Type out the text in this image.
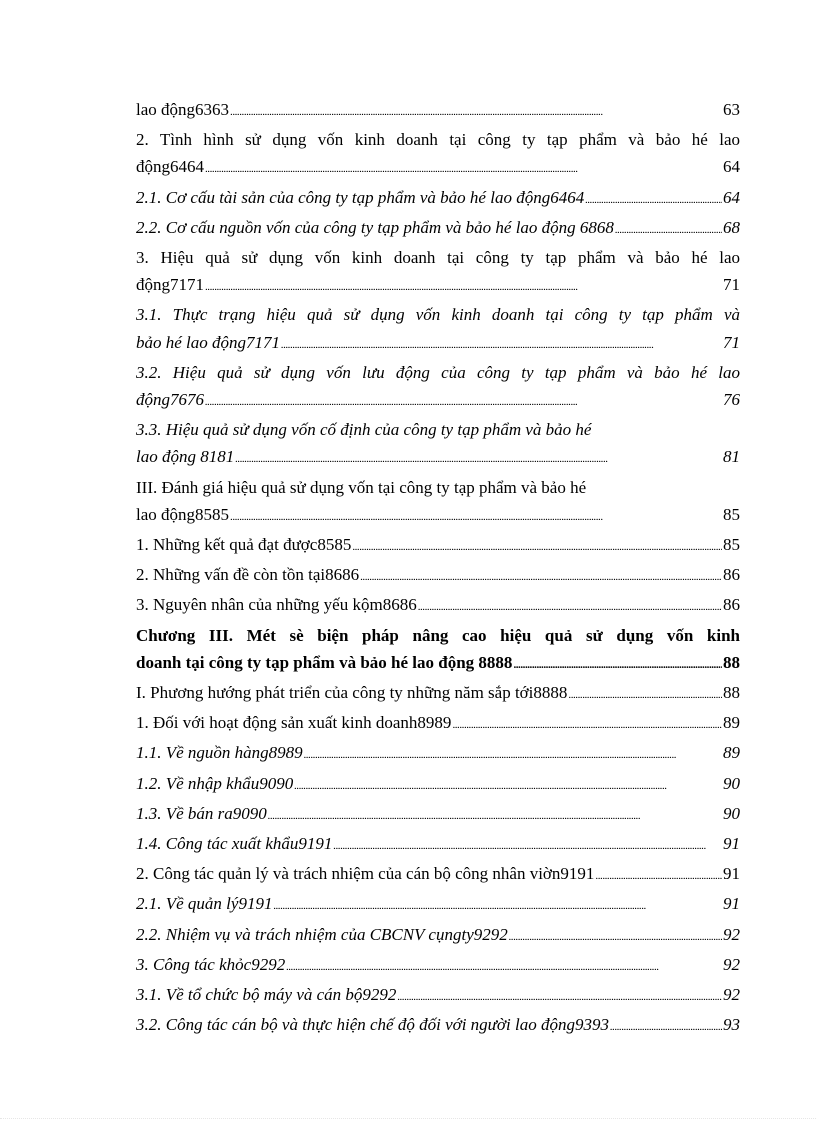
lao động6363 . . .	63
2. Tình hình sử dụng vốn kinh doanh tại công ty tạp phẩm và bảo hé lao
động6464 . . .	64
2.1. Cơ cấu tài sản của công ty tạp phẩm và bảo hé lao động6464 . . .	64
2.2. Cơ cấu nguồn vốn của công ty tạp phẩm và bảo hé lao động 6868 . . .	68
3. Hiệu quả sử dụng vốn kinh doanh tại công ty tạp phẩm và bảo hé lao
động7171 . . .	71
3.1. Thực trạng hiệu quả sử dụng vốn kinh doanh tại công ty tạp phẩm và
bảo hé lao động7171 . . .	71
3.2. Hiệu quả sử dụng vốn lưu động của công ty tạp phẩm và bảo hé lao
động7676 . . .	76
3.3. Hiệu quả sử dụng vốn cố định của công ty tạp phẩm và bảo hé
lao động 8181 . . .	81
III. Đánh giá hiệu quả sử dụng vốn tại công ty tạp phẩm và bảo hé
lao động8585 . . .	85
1. Những kết quả đạt được8585 . . .	85
2. Những vấn đề còn tồn tại8686 . . .	86
3. Nguyên nhân của những yếu kộm8686 . . .	86
Chương III. Mét sè biện pháp nâng cao hiệu quả sử dụng vốn kinh
doanh tại công ty tạp phẩm và bảo hé lao động 8888 . . .	88
I. Phương hướng phát triển của công ty những năm sắp tới8888 . . .	88
1. Đối với hoạt động sản xuất kinh doanh8989 . . .	89
1.1. Về nguồn hàng8989 . . .	89
1.2. Về nhập khẩu9090 . . .	90
1.3. Về bán ra9090 . . .	90
1.4. Công tác xuất khẩu9191 . . .	91
2. Công tác quản lý và trách nhiệm của cán bộ công nhân viờn9191 . . .	91
2.1. Về quản lý9191 . . .	91
2.2. Nhiệm vụ và trách nhiệm của CBCNV cụngty9292 . . .	92
3. Công tác khỏc9292 . . .	92
3.1. Về tổ chức bộ máy và cán bộ9292 . . .	92
3.2. Công tác cán bộ và thực hiện chế độ đối với người lao động9393 . . .	93
